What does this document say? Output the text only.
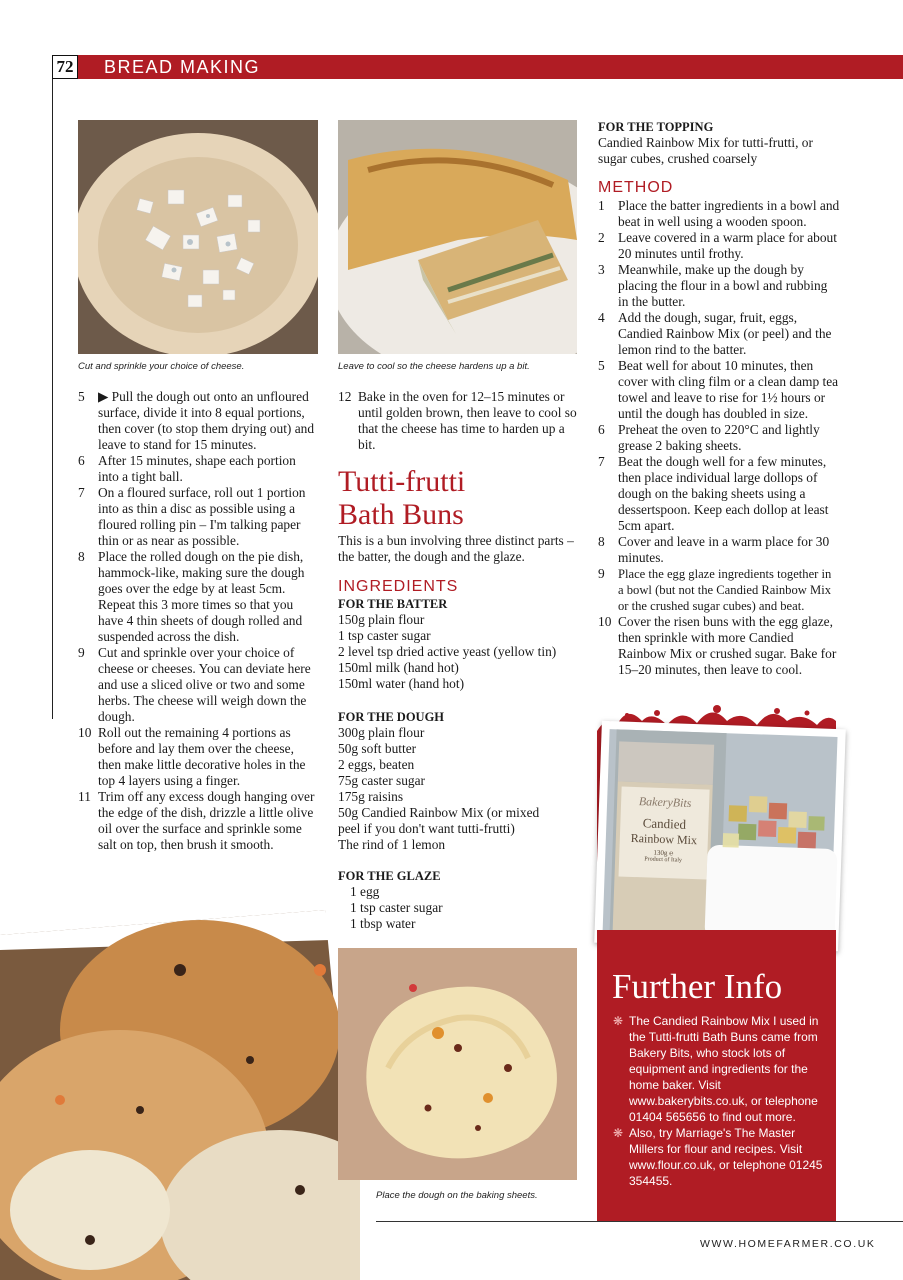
72 BREAD MAKING
Cut and sprinkle your choice of cheese.	Leave to cool so the cheese hardens up a bit.
5 ▶ Pull the dough out onto an unfloured surface, divide it into 8 equal portions, then cover (to stop them drying out) and leave to stand for 15 minutes.
6 After 15 minutes, shape each portion into a tight ball.
7 On a floured surface, roll out 1 portion into as thin a disc as possible using a floured rolling pin – I'm talking paper thin or as near as possible.
8 Place the rolled dough on the pie dish, hammock-like, making sure the dough goes over the edge by at least 5cm. Repeat this 3 more times so that you have 4 thin sheets of dough rolled and suspended across the dish.
9 Cut and sprinkle over your choice of cheese or cheeses. You can deviate here and use a sliced olive or two and some herbs. The cheese will weigh down the dough.
10 Roll out the remaining 4 portions as before and lay them over the cheese, then make little decorative holes in the top 4 layers using a finger.
11 Trim off any excess dough hanging over the edge of the dish, drizzle a little olive oil over the surface and sprinkle some salt on top, then brush it smooth.
12 Bake in the oven for 12–15 minutes or until golden brown, then leave to cool so that the cheese has time to harden up a bit.
Tutti-frutti
Bath Buns
This is a bun involving three distinct parts – the batter, the dough and the glaze.
INGREDIENTS
FOR THE BATTER
150g plain flour
1 tsp caster sugar
2 level tsp dried active yeast (yellow tin)
150ml milk (hand hot)
150ml water (hand hot)
FOR THE DOUGH
300g plain flour
50g soft butter
2 eggs, beaten
75g caster sugar
175g raisins
50g Candied Rainbow Mix (or mixed
peel if you don't want tutti-frutti)
The rind of 1 lemon
FOR THE GLAZE
1 egg
1 tsp caster sugar
1 tbsp water
FOR THE TOPPING
Candied Rainbow Mix for tutti-frutti, or sugar cubes, crushed coarsely
METHOD
1 Place the batter ingredients in a bowl and beat in well using a wooden spoon.
2 Leave covered in a warm place for about 20 minutes until frothy.
3 Meanwhile, make up the dough by placing the flour in a bowl and rubbing in the butter.
4 Add the dough, sugar, fruit, eggs, Candied Rainbow Mix (or peel) and the lemon rind to the batter.
5 Beat well for about 10 minutes, then cover with cling film or a clean damp tea towel and leave to rise for 1½ hours or until the dough has doubled in size.
6 Preheat the oven to 220°C and lightly grease 2 baking sheets.
7 Beat the dough well for a few minutes, then place individual large dollops of dough on the baking sheets using a dessertspoon. Keep each dollop at least 5cm apart.
8 Cover and leave in a warm place for 30 minutes.
9	Place the egg glaze ingredients together in a bowl (but not the Candied Rainbow Mix or the crushed sugar cubes) and beat.
10 Cover the risen buns with the egg glaze, then sprinkle with more Candied Rainbow Mix or crushed sugar. Bake for 15–20 minutes, then leave to cool.
BakeryBits
Candied
Rainbow Mix
130g ℮
Product of Italy
Further Info
❋ The Candied Rainbow Mix I used in the Tutti-frutti Bath Buns came from Bakery Bits, who stock lots of equipment and ingredients for the home baker. Visit www.bakerybits.co.uk, or telephone 01404 565656 to find out more.
❋ Also, try Marriage's The Master Millers for flour and recipes. Visit www.flour.co.uk, or telephone 01245 354455.
Place the dough on the baking sheets.
WWW.HOMEFARMER.CO.UK
